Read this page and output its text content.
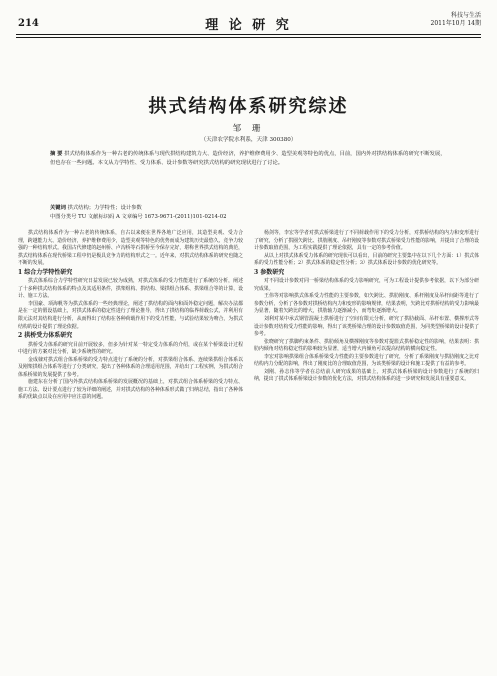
214	理 论 研 究
科技与生活
2011年10月 14期
拱式结构体系研究综述
邹 珊
（天津农学院水利系，天津 300380）
摘 要 拱式结构体系作为一种古老的传统体系与现代拱结构建筑力大、造价经济，养护维修费用少、造型美观等特色的优点，目前，国内外对拱结构体系的研究不断发展，但也存在一些问题。本文从力学特性、受力体系、设计参数等研究拱式结构的研究现状进行了讨论。
关键词 拱式结构；力学特性；设计参数
中图分类号 TU 文献标识码 A 文章编号 1673-9671-(2011)101-0214-02

拱式结构体系作为一种古老的传统体系，自古以来便在世界各地广泛应用，其造型美观、受力合理，跨越能力大、造价经济，养护维修费用少，造型美观等特色的优势而成为建筑历史最悠久、竞争力较强的一种结构形式。我国古代修建的赵州桥、卢沟桥等石拱桥至今保存完好，堪称世界拱式结构的典范，拱式结构体系在现代桥梁工程中仍是极具竞争力的结构形式之一。近年来，对拱式结构体系的研究也随之不断的发展。

1 综合力学特性研究

拱式体系综合力学特性研究日益发展已较为成熟，对拱式体系的受力性能进行了系统的分析，阐述了十多种拱式结构体系的特点及其适用条件，拱架组构、拱结构、梁拱组合体系、拱梁组合等的计算，设计、施工方法。

李国豪、项海帆等为拱式体系的一些经典理论，阐述了拱结构的面内和面外稳定问题，解决办法都是在一定的假设基础上，对拱式体系的稳定性进行了理论推导，得出了拱结构的临界荷载公式，并利用有限元法对其结构进行分析，从而得出了结构在各种荷载作用下的受力性能，与试验结果较为吻合，为拱式结构的设计提供了理论依据。

2 拱桥受力体系研究

拱桥受力体系的研究目前开展较多，但多为针对某一特定受力体系的介绍，或在某个桥梁设计过程中进行的方案对比分析，缺少系统性的研究。

金成棣对拱式组合体系桥梁的受力特点进行了系统的分析，对拱梁组合体系、连续梁拱组合体系以及刚架拱组合体系等进行了分类研究，提出了各种体系的合理适用范围，并给出了工程实例，为拱式组合体系桥梁的发展提供了参考。

施建东在分析了国内外拱式结构体系桥梁的发展概况的基础上，对拱式组合体系桥梁的受力特点、施工方法、设计要点进行了较为详细的阐述，并对拱式结构的各种体系形式做了归纳总结，指出了各种体系的优缺点以及在应用中应注意的问题。

杨剑等，李宏等学者对拱式桥梁进行了不同荷载作用下的受力分析，对拱桥结构的内力和变形进行了研究，分析了拱圈矢跨比、拱肋刚度、吊杆刚度等参数对拱式桥梁受力性能的影响，并提出了合理的设计参数取值范围，为工程实践提供了理论依据，具有一定的参考价值。

从以上对拱式体系受力体系的研究现状可以看出，目前的研究主要集中在以下几个方面：1）拱式体系的受力性能分析；2）拱式体系的稳定性分析；3）拱式体系设计参数的优化研究等。

3 参数研究

对不同设计参数对同一桥梁结构体系的受力影响研究，可为工程设计提供参考依据，以下为部分研究成果。

王伟等对影响拱式体系受力性能的主要参数，如矢跨比、拱肋刚度、系杆刚度及吊杆间距等进行了参数分析，分析了各参数对拱桥结构内力和变形的影响规律，结果表明，矢跨比对拱桥结构的受力影响最为显著，随着矢跨比的增大，拱肋轴力逐渐减小，而弯矩逐渐增大。

刘利对某中承式钢管混凝土拱桥进行了空间有限元分析，研究了拱肋截面、吊杆布置、横撑形式等设计参数对结构受力性能的影响，得出了该类桥梁合理的设计参数取值范围，为同类型桥梁的设计提供了参考。

张晓研究了拱脚约束条件、拱肋倾角及横撑刚度等参数对提篮式拱桥稳定性的影响，结果表明：拱肋内倾角对结构稳定性的影响较为显著，适当增大内倾角可以提高结构的横向稳定性。

李宏对影响拱梁组合体系桥梁受力性能的主要参数进行了研究，分析了系梁刚度与拱肋刚度之比对结构内力分配的影响，得出了刚度比的合理取值范围，为该类桥梁的设计和施工提供了有益的参考。

刘刚、孙志伟等学者在总结前人研究成果的基础上，对拱式体系桥梁的设计参数进行了系统的归纳，提出了拱式体系桥梁设计参数的优化方法，对拱式结构体系的进一步研究和发展具有重要意义。
